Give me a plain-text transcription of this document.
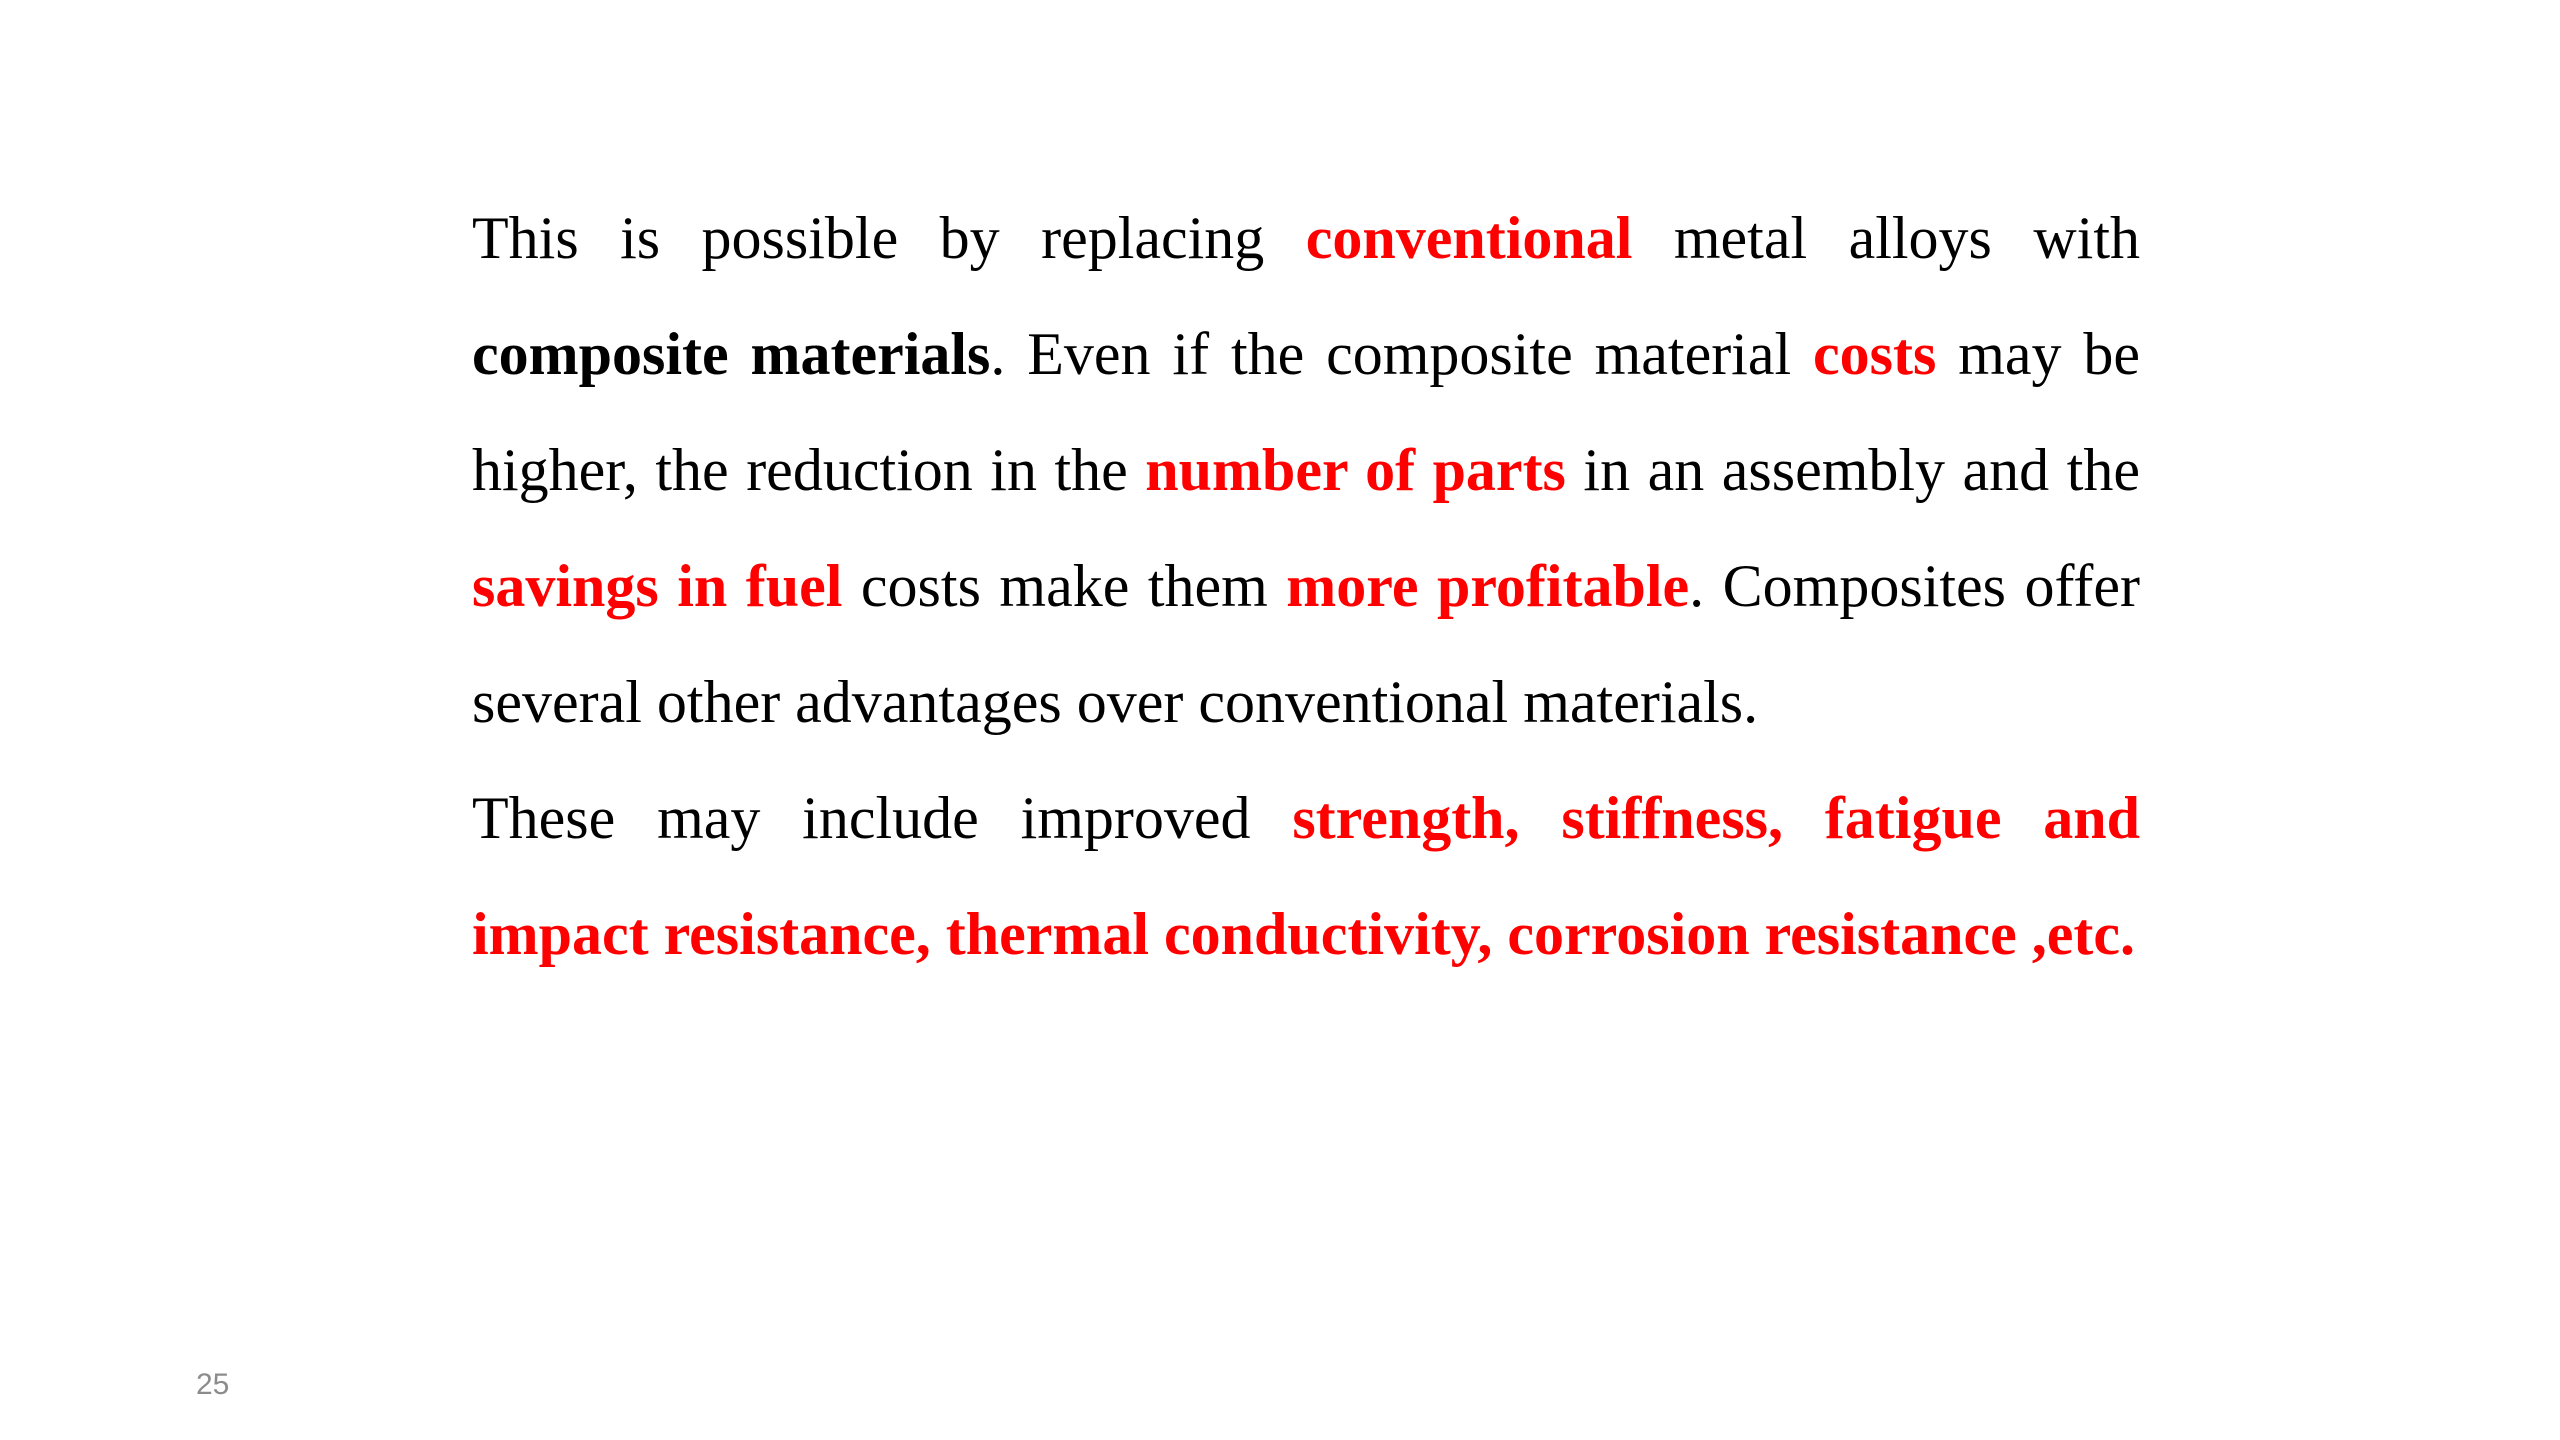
This is possible by replacing conventional metal alloys with composite materials. Even if the composite material costs may be higher, the reduction in the number of parts in an assembly and the savings in fuel costs make them more profitable. Composites offer several other advantages over conventional materials.

These may include improved strength, stiffness, fatigue and impact resistance, thermal conductivity, corrosion resistance ,etc.

25
